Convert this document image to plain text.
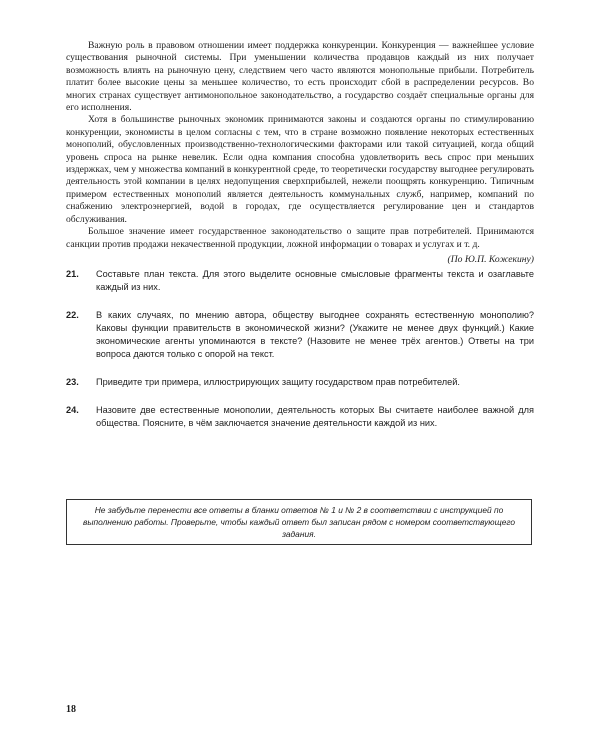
Важную роль в правовом отношении имеет поддержка конкуренции. Конкуренция — важнейшее условие существования рыночной системы. При уменьшении количества продавцов каждый из них получает возможность влиять на рыночную цену, следствием чего часто являются монопольные прибыли. Потребитель платит более высокие цены за меньшее количество, то есть происходит сбой в распределении ресурсов. Во многих странах существует антимонопольное законодательство, а государство создаёт специальные органы для его исполнения.

Хотя в большинстве рыночных экономик принимаются законы и создаются органы по стимулированию конкуренции, экономисты в целом согласны с тем, что в стране возможно появление некоторых естественных монополий, обусловленных производственно-технологическими факторами или такой ситуацией, когда общий уровень спроса на рынке невелик. Если одна компания способна удовлетворить весь спрос при меньших издержках, чем у множества компаний в конкурентной среде, то теоретически государству выгоднее регулировать деятельность этой компании в целях недопущения сверхприбылей, нежели поощрять конкуренцию. Типичным примером естественных монополий является деятельность коммунальных служб, например, компаний по снабжению электроэнергией, водой в городах, где осуществляется регулирование цен и стандартов обслуживания.

Большое значение имеет государственное законодательство о защите прав потребителей. Принимаются санкции против продажи некачественной продукции, ложной информации о товарах и услугах и т. д.

(По Ю.П. Кожекину)
21.	Составьте план текста. Для этого выделите основные смысловые фрагменты текста и озаглавьте каждый из них.
22.	В каких случаях, по мнению автора, обществу выгоднее сохранять естественную монополию? Каковы функции правительств в экономической жизни? (Укажите не менее двух функций.) Какие экономические агенты упоминаются в тексте? (Назовите не менее трёх агентов.) Ответы на три вопроса даются только с опорой на текст.
23.	Приведите три примера, иллюстрирующих защиту государством прав потребителей.
24.	Назовите две естественные монополии, деятельность которых Вы считаете наиболее важной для общества. Поясните, в чём заключается значение деятельности каждой из них.
Не забудьте перенести все ответы в бланки ответов № 1 и № 2 в соответствии с инструкцией по выполнению работы. Проверьте, чтобы каждый ответ был записан рядом с номером соответствующего задания.
18
